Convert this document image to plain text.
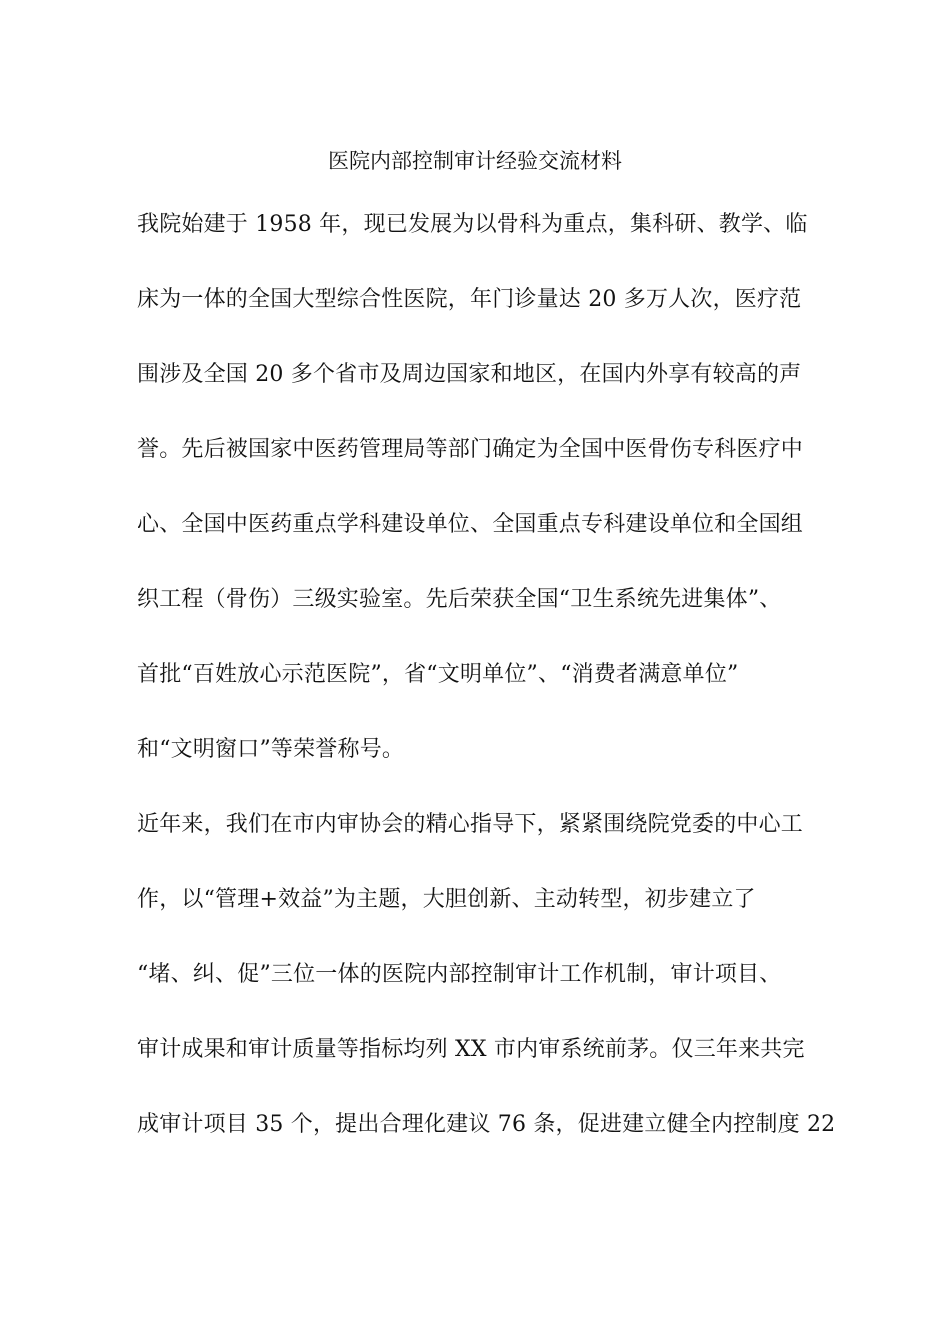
医院内部控制审计经验交流材料
我院始建于 1958 年，现已发展为以骨科为重点，集科研、教学、临
床为一体的全国大型综合性医院，年门诊量达 20 多万人次，医疗范
围涉及全国 20 多个省市及周边国家和地区，在国内外享有较高的声
誉。先后被国家中医药管理局等部门确定为全国中医骨伤专科医疗中
心、全国中医药重点学科建设单位、全国重点专科建设单位和全国组
织工程（骨伤）三级实验室。先后荣获全国“卫生系统先进集体”、
首批“百姓放心示范医院”，省“文明单位”、“消费者满意单位”
和“文明窗口”等荣誉称号。
近年来，我们在市内审协会的精心指导下，紧紧围绕院党委的中心工
作，以“管理+效益”为主题，大胆创新、主动转型，初步建立了
“堵、纠、促”三位一体的医院内部控制审计工作机制，审计项目、
审计成果和审计质量等指标均列 XX 市内审系统前茅。仅三年来共完
成审计项目 35 个，提出合理化建议 76 条，促进建立健全内控制度 22
